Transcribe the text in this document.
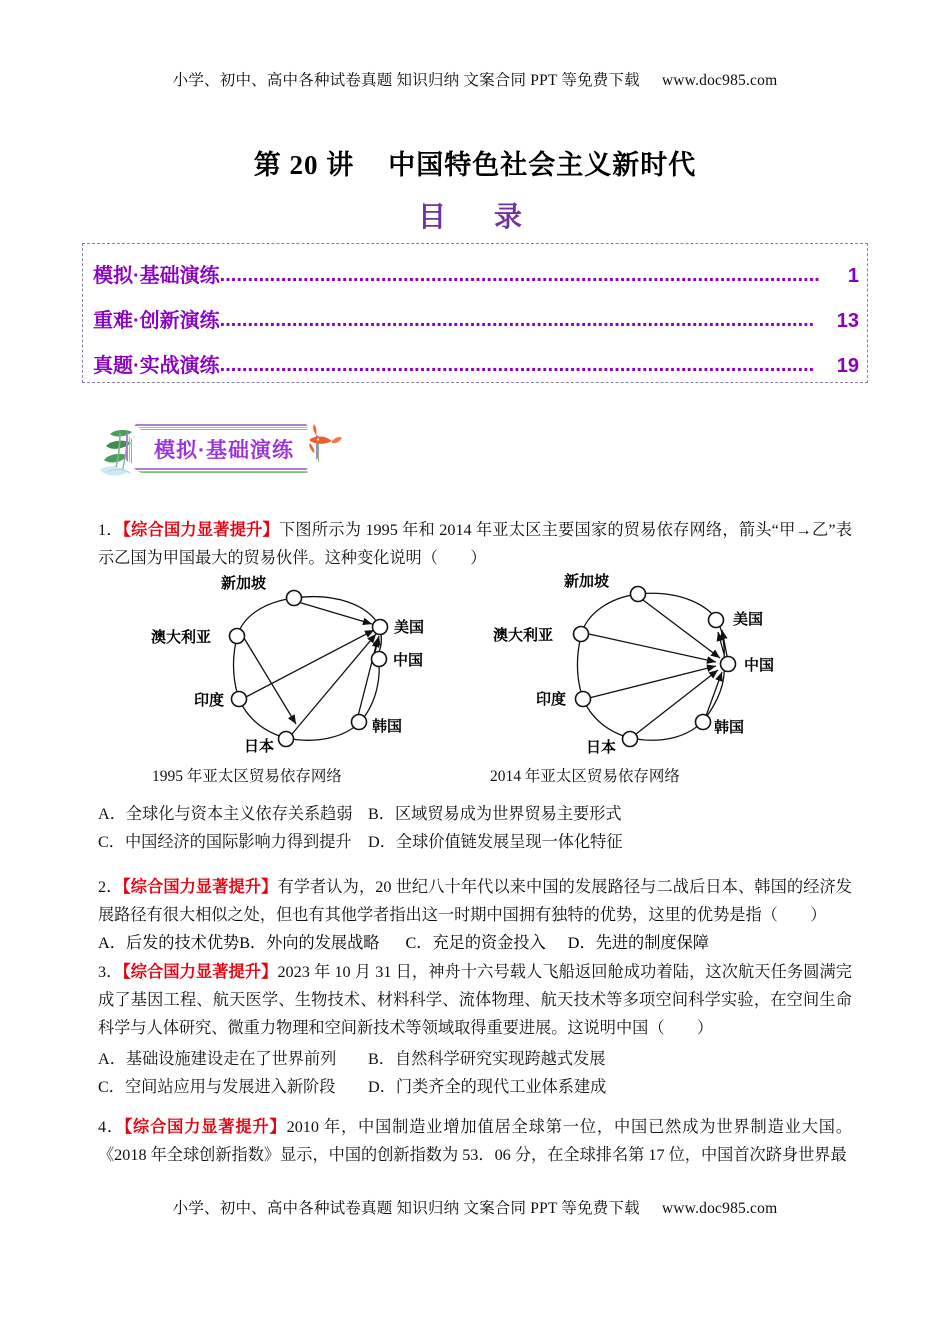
小学、初中、高中各种试卷真题 知识归纳 文案合同 PPT 等免费下载 www.doc985.com
第 20 讲 中国特色社会主义新时代
目　录
模拟·基础演练 ............................................................................................................	1
重难·创新演练 ...........................................................................................................	13
真题·实战演练 ...........................................................................................................	19
模拟·基础演练
1．【综合国力显著提升】下图所示为 1995 年和 2014 年亚太区主要国家的贸易依存网络，箭头“甲→乙”表示乙国为甲国最大的贸易伙伴。这种变化说明（　　）
新加坡
美国
中国
韩国
日本
印度
澳大利亚
1995 年亚太区贸易依存网络
新加坡
美国
中国
韩国
日本
印度
澳大利亚
2014 年亚太区贸易依存网络
A．全球化与资本主义依存关系趋弱 B．区域贸易成为世界贸易主要形式
C．中国经济的国际影响力得到提升 D．全球价值链发展呈现一体化特征
2．【综合国力显著提升】有学者认为，20 世纪八十年代以来中国的发展路径与二战后日本、韩国的经济发展路径有很大相似之处，但也有其他学者指出这一时期中国拥有独特的优势，这里的优势是指（　　）
A．后发的技术优势B．外向的发展战略 C．充足的资金投入 D．先进的制度保障
3．【综合国力显著提升】2023 年 10 月 31 日，神舟十六号载人飞船返回舱成功着陆，这次航天任务圆满完成了基因工程、航天医学、生物技术、材料科学、流体物理、航天技术等多项空间科学实验，在空间生命科学与人体研究、微重力物理和空间新技术等领域取得重要进展。这说明中国（　　）
A．基础设施建设走在了世界前列 B．自然科学研究实现跨越式发展
C．空间站应用与发展进入新阶段 D．门类齐全的现代工业体系建成
4．【综合国力显著提升】2010 年，中国制造业增加值居全球第一位，中国已然成为世界制造业大国。《2018 年全球创新指数》显示，中国的创新指数为 53．06 分，在全球排名第 17 位，中国首次跻身世界最
小学、初中、高中各种试卷真题 知识归纳 文案合同 PPT 等免费下载 www.doc985.com
